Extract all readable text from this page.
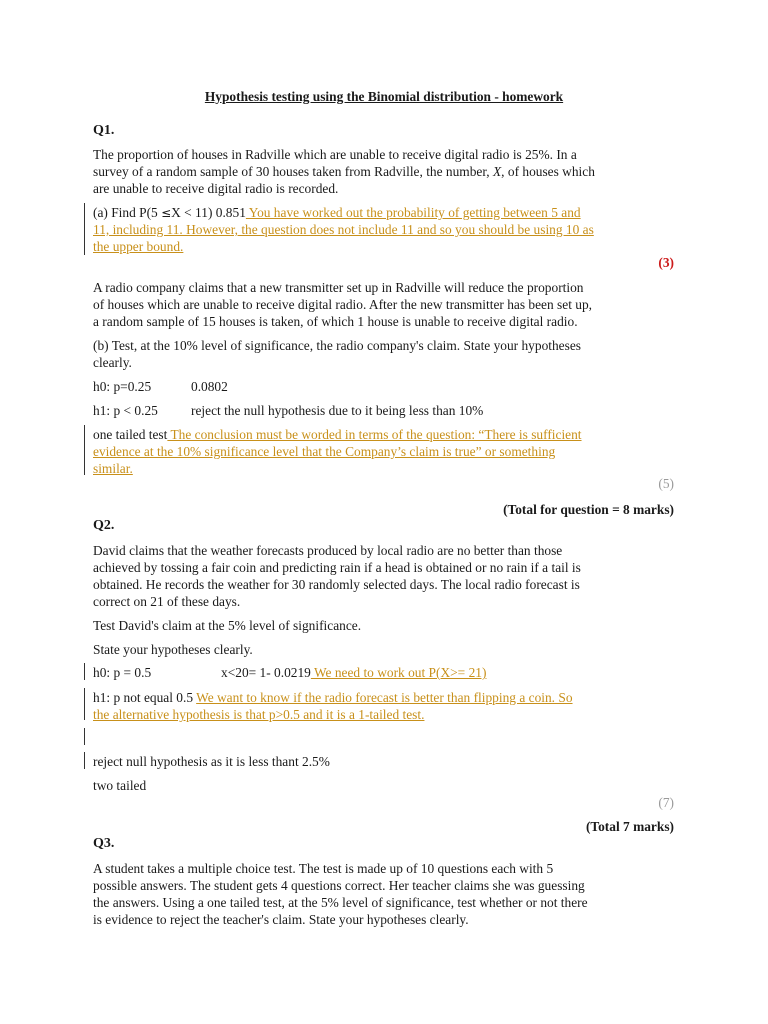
Hypothesis testing using the Binomial distribution - homework
Q1.
The proportion of houses in Radville which are unable to receive digital radio is 25%. In a
survey of a random sample of 30 houses taken from Radville, the number, X, of houses which
are unable to receive digital radio is recorded.
(a) Find P(5 ≤X < 11) 0.851 You have worked out the probability of getting between 5 and
11, including 11. However, the question does not include 11 and so you should be using 10 as
the upper bound.
(3)
A radio company claims that a new transmitter set up in Radville will reduce the proportion
of houses which are unable to receive digital radio. After the new transmitter has been set up,
a random sample of 15 houses is taken, of which 1 house is unable to receive digital radio.
(b) Test, at the 10% level of significance, the radio company's claim. State your hypotheses
clearly.
h0: p=0.25	0.0802
h1: p < 0.25 reject the null hypothesis due to it being less than 10%
one tailed test The conclusion must be worded in terms of the question: “There is sufficient
evidence at the 10% significance level that the Company’s claim is true” or something
similar.
(5)
(Total for question = 8 marks)
Q2.
David claims that the weather forecasts produced by local radio are no better than those
achieved by tossing a fair coin and predicting rain if a head is obtained or no rain if a tail is
obtained. He records the weather for 30 randomly selected days. The local radio forecast is
correct on 21 of these days.
Test David's claim at the 5% level of significance.
State your hypotheses clearly.
h0: p = 0.5	x<20= 1- 0.0219 We need to work out P(X>= 21)
h1: p not equal 0.5 We want to know if the radio forecast is better than flipping a coin. So
the alternative hypothesis is that p>0.5 and it is a 1-tailed test.
reject null hypothesis as it is less thant 2.5%
two tailed
(7)
(Total 7 marks)
Q3.
A student takes a multiple choice test. The test is made up of 10 questions each with 5
possible answers. The student gets 4 questions correct. Her teacher claims she was guessing
the answers. Using a one tailed test, at the 5% level of significance, test whether or not there
is evidence to reject the teacher's claim. State your hypotheses clearly.
